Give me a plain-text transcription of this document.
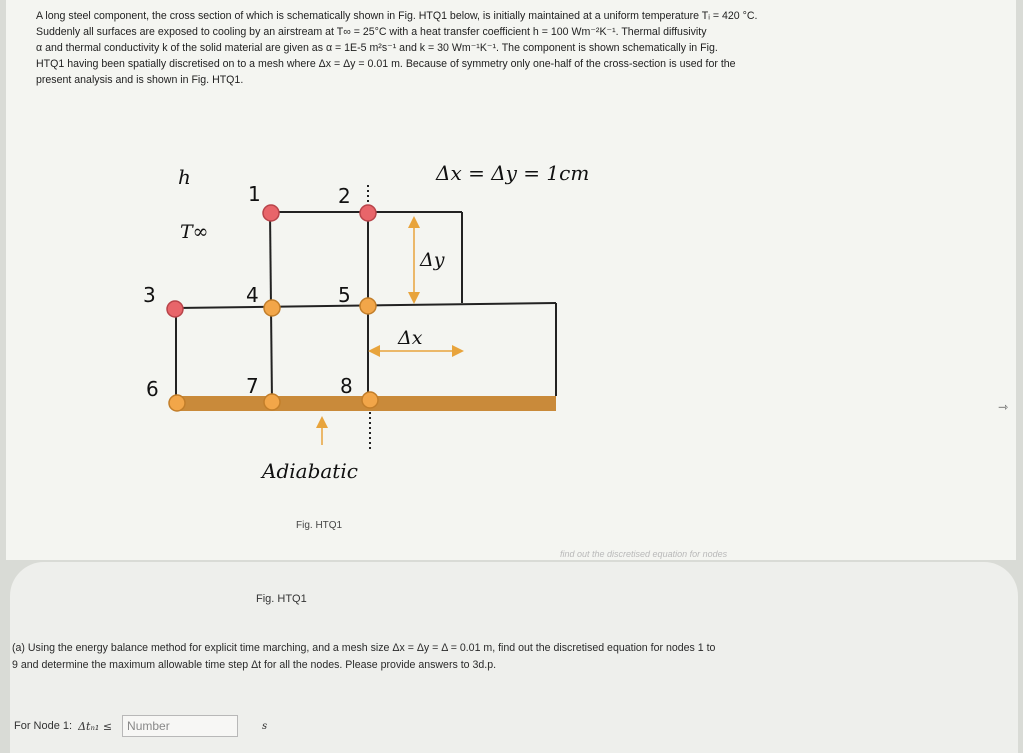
A long steel component, the cross section of which is schematically shown in Fig. HTQ1 below, is initially maintained at a uniform temperature Tᵢ = 420 °C.
Suddenly all surfaces are exposed to cooling by an airstream at T∞ = 25°C with a heat transfer coefficient h = 100 Wm⁻²K⁻¹. Thermal diffusivity
α and thermal conductivity k of the solid material are given as α = 1E-5 m²s⁻¹ and k = 30 Wm⁻¹K⁻¹. The component is shown schematically in Fig.
HTQ1 having been spatially discretised on to a mesh where Δx = Δy = 0.01 m. Because of symmetry only one-half of the cross-section is used for the
present analysis and is shown in Fig. HTQ1.
1	2
3	4	5
6	7	8
h
T∞
Δx = Δy = 1cm
Δy
Δx
Adiabatic
Fig. HTQ1
⇾
find out the discretised equation for nodes
Fig. HTQ1
(a) Using the energy balance method for explicit time marching, and a mesh size Δx = Δy = Δ = 0.01 m, find out the discretised equation for nodes 1 to
9 and determine the maximum allowable time step Δt for all the nodes. Please provide answers to 3d.p.
For Node 1: Δtₙ₁ ≤
Number	s
